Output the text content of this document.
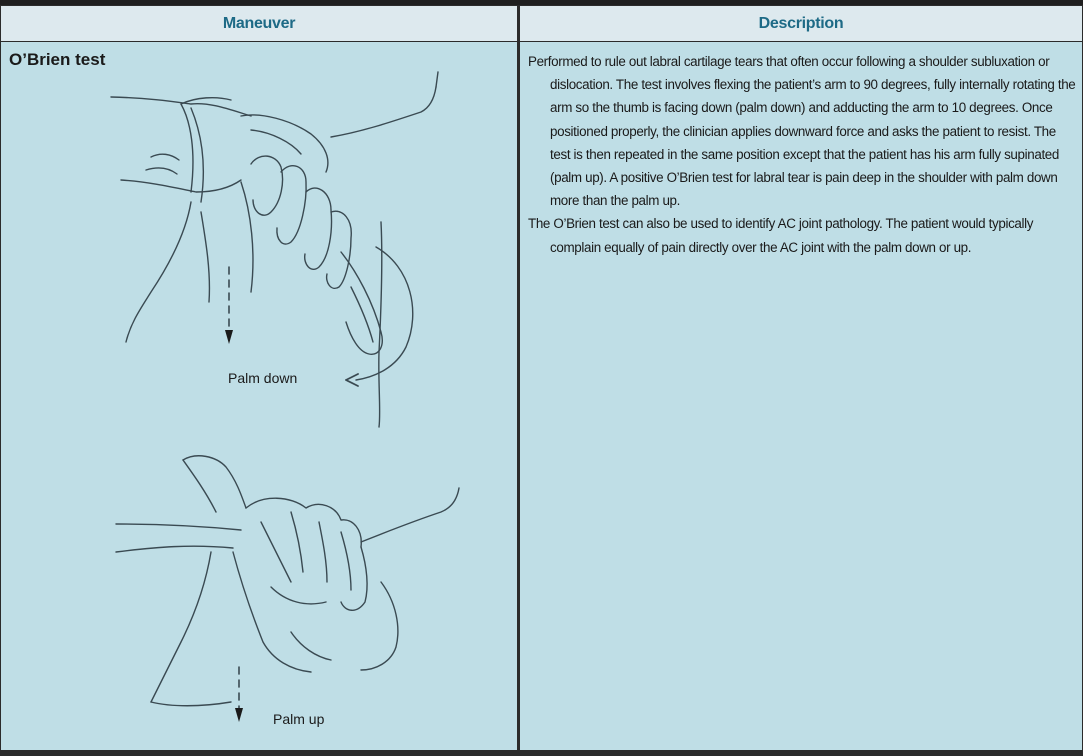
Maneuver	Description
O’Brien test
Palm down
Palm up

Performed to rule out labral cartilage tears that often occur following a shoulder subluxation or dislocation. The test involves flexing the patient’s arm to 90 degrees, fully internally rotating the arm so the thumb is facing down (palm down) and adducting the arm to 10 degrees. Once positioned properly, the clinician applies downward force and asks the patient to resist. The test is then repeated in the same position except that the patient has his arm fully supinated (palm up). A positive O’Brien test for labral tear is pain deep in the shoulder with palm down more than the palm up.

The O’Brien test can also be used to identify AC joint pathology. The patient would typically complain equally of pain directly over the AC joint with the palm down or up.
